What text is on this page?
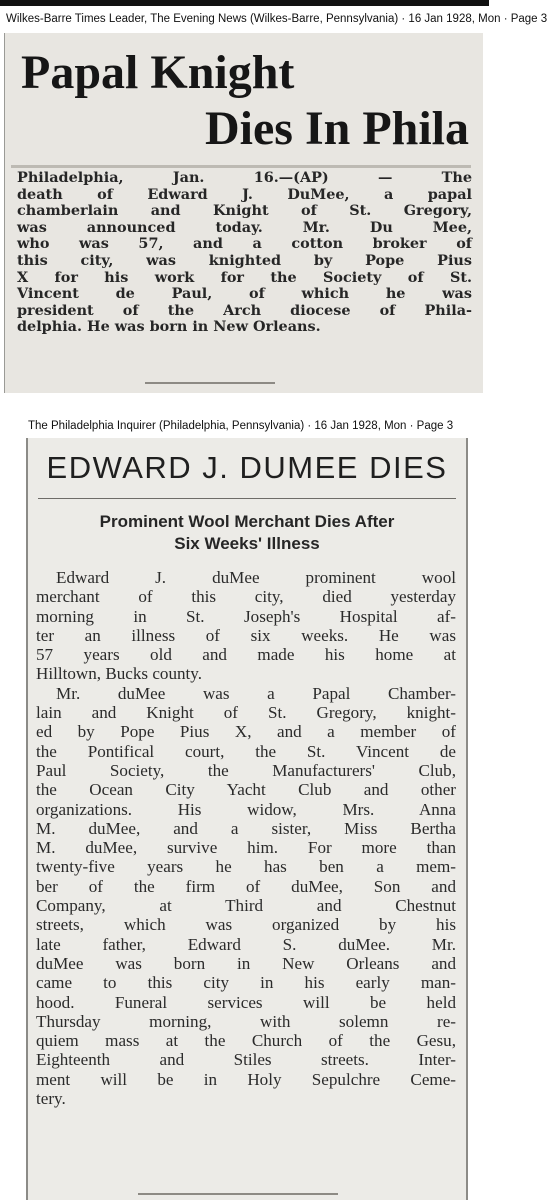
Wilkes-Barre Times Leader, The Evening News (Wilkes-Barre, Pennsylvania) · 16 Jan 1928, Mon · Page 3
Papal Knight
Dies In Phila
Philadelphia, Jan. 16.—(AP) — The
death of Edward J. DuMee, a papal
chamberlain and Knight of St. Gregory,
was announced today. Mr. Du Mee,
who was 57, and a cotton broker of
this city, was knighted by Pope Pius
X for his work for the Society of St.
Vincent de Paul, of which he was
president of the Arch diocese of Phila-
delphia. He was born in New Orleans.
The Philadelphia Inquirer (Philadelphia, Pennsylvania) · 16 Jan 1928, Mon · Page 3
EDWARD J. DUMEE DIES
Prominent Wool Merchant Dies After
Six Weeks' Illness
Edward J. duMee prominent wool
merchant of this city, died yesterday
morning in St. Joseph's Hospital af-
ter an illness of six weeks. He was
57 years old and made his home at
Hilltown, Bucks county.
Mr. duMee was a Papal Chamber-
lain and Knight of St. Gregory, knight-
ed by Pope Pius X, and a member of
the Pontifical court, the St. Vincent de
Paul Society, the Manufacturers' Club,
the Ocean City Yacht Club and other
organizations. His widow, Mrs. Anna
M. duMee, and a sister, Miss Bertha
M. duMee, survive him. For more than
twenty-five years he has ben a mem-
ber of the firm of duMee, Son and
Company, at Third and Chestnut
streets, which was organized by his
late father, Edward S. duMee. Mr.
duMee was born in New Orleans and
came to this city in his early man-
hood. Funeral services will be held
Thursday morning, with solemn re-
quiem mass at the Church of the Gesu,
Eighteenth and Stiles streets. Inter-
ment will be in Holy Sepulchre Ceme-
tery.
